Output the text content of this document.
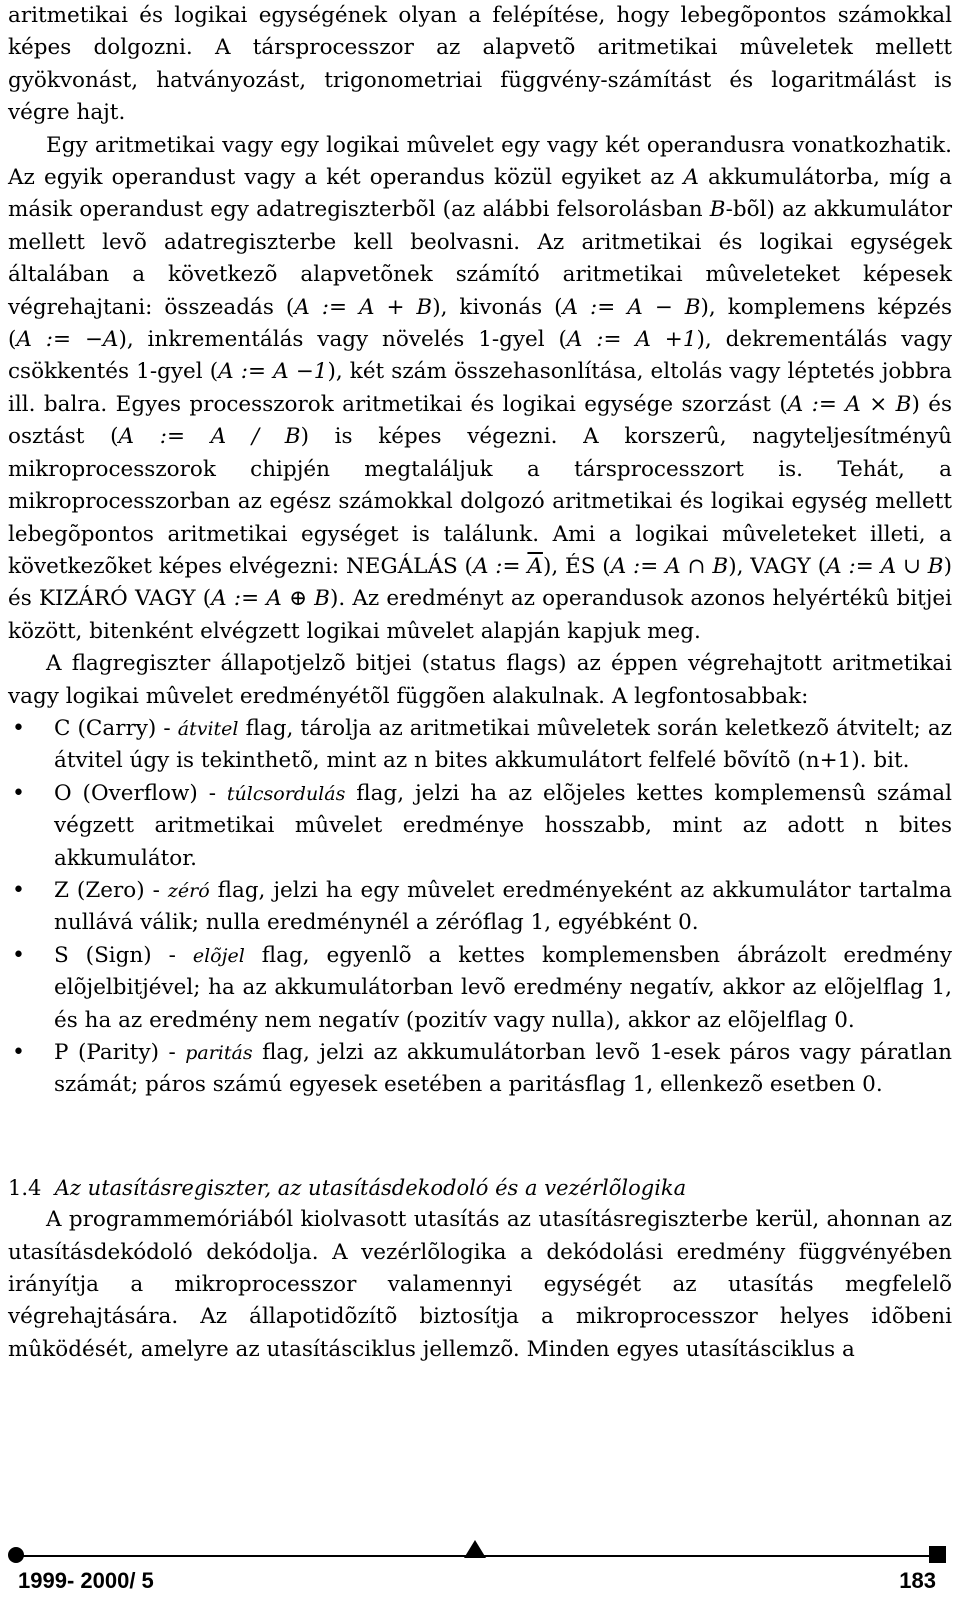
aritmetikai és logikai egységének olyan a felépítése, hogy lebegõpontos számokkal képes dolgozni. A társprocesszor az alapvetõ aritmetikai mûveletek mellett gyökvonást, hatványozást, trigonometriai függvény-számítást és logaritmálást is végre hajt.

Egy aritmetikai vagy egy logikai mûvelet egy vagy két operandusra vonatkozhatik. Az egyik operandust vagy a két operandus közül egyiket az A akkumulátorba, míg a másik operandust egy adatregiszterbõl (az alábbi felsorolásban B-bõl) az akkumulátor mellett levõ adatregiszterbe kell beolvasni. Az aritmetikai és logikai egységek általában a következõ alapvetõnek számító aritmetikai mûveleteket képesek végrehajtani: összeadás (A := A + B), kivonás (A := A − B), komplemens képzés (A := −A), inkrementálás vagy növelés 1-gyel (A := A +1), dekrementálás vagy csökkentés 1-gyel (A := A −1), két szám összehasonlítása, eltolás vagy léptetés jobbra ill. balra. Egyes processzorok aritmetikai és logikai egysége szorzást (A := A × B) és osztást (A := A / B) is képes végezni. A korszerû, nagyteljesítményû mikroprocesszorok chipjén megtaláljuk a társprocesszort is. Tehát, a mikroprocesszorban az egész számokkal dolgozó aritmetikai és logikai egység mellett lebegõpontos aritmetikai egységet is találunk. Ami a logikai mûveleteket illeti, a következõket képes elvégezni: NEGÁLÁS (A := $\overline{A}$), ÉS (A := A ∩ B), VAGY (A := A ∪ B) és KIZÁRÓ VAGY (A := A ⊕ B). Az eredményt az operandusok azonos helyértékû bitjei között, bitenként elvégzett logikai mûvelet alapján kapjuk meg.

A flagregiszter állapotjelzõ bitjei (status flags) az éppen végrehajtott aritmetikai vagy logikai mûvelet eredményétõl függõen alakulnak. A legfontosabbak:

• C (Carry) - átvitel flag, tárolja az aritmetikai mûveletek során keletkezõ átvitelt; az átvitel úgy is tekinthetõ, mint az n bites akkumulátort felfelé bõvítõ (n+1). bit.
• O (Overflow) - túlcsordulás flag, jelzi ha az elõjeles kettes komplemensû számal végzett aritmetikai mûvelet eredménye hosszabb, mint az adott n bites akkumulátor.
• Z (Zero) - zéró flag, jelzi ha egy mûvelet eredményeként az akkumulátor tartalma nullává válik; nulla eredménynél a zéróflag 1, egyébként 0.
• S (Sign) - elõjel flag, egyenlõ a kettes komplemensben ábrázolt eredmény elõjelbitjével; ha az akkumulátorban levõ eredmény negatív, akkor az elõjelflag 1, és ha az eredmény nem negatív (pozitív vagy nulla), akkor az elõjelflag 0.
• P (Parity) - paritás flag, jelzi az akkumulátorban levõ 1-esek páros vagy páratlan számát; páros számú egyesek esetében a paritásflag 1, ellenkezõ esetben 0.
1.4 Az utasításregiszter, az utasításdekodoló és a vezérlõlogika

A programmemóriából kiolvasott utasítás az utasításregiszterbe kerül, ahonnan az utasításdekódoló dekódolja. A vezérlõlogika a dekódolási eredmény függvényében irányítja a mikroprocesszor valamennyi egységét az utasítás megfelelõ végrehajtására. Az állapotidõzítõ biztosítja a mikroprocesszor helyes idõbeni mûködését, amelyre az utasításciklus jellemzõ. Minden egyes utasításciklus a

1999- 2000/ 5	183
